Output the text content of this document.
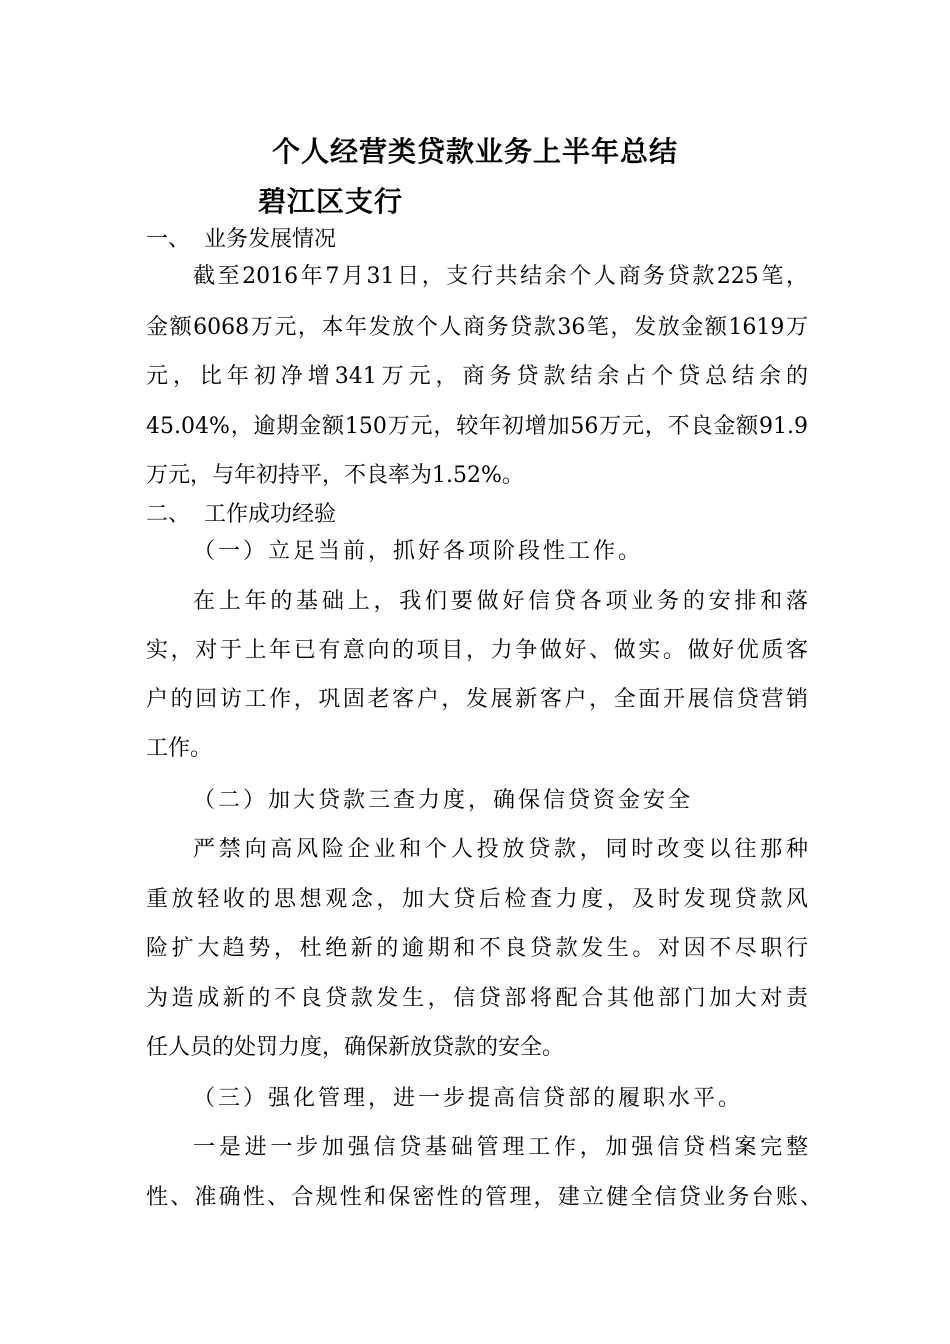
个人经营类贷款业务上半年总结
碧江区支行
一、 业务发展情况
截至2016年7月31日，支行共结余个人商务贷款225笔，
金额6068万元，本年发放个人商务贷款36笔，发放金额1619万
元，比年初净增341万元，商务贷款结余占个贷总结余的
45.04%，逾期金额150万元，较年初增加56万元，不良金额91.9
万元，与年初持平，不良率为1.52%。
二、 工作成功经验
（一）立足当前，抓好各项阶段性工作。
在上年的基础上，我们要做好信贷各项业务的安排和落
实，对于上年已有意向的项目，力争做好、做实。做好优质客
户的回访工作，巩固老客户，发展新客户，全面开展信贷营销
工作。
（二）加大贷款三查力度，确保信贷资金安全
严禁向高风险企业和个人投放贷款，同时改变以往那种
重放轻收的思想观念，加大贷后检查力度，及时发现贷款风
险扩大趋势，杜绝新的逾期和不良贷款发生。对因不尽职行
为造成新的不良贷款发生，信贷部将配合其他部门加大对责
任人员的处罚力度，确保新放贷款的安全。
（三）强化管理，进一步提高信贷部的履职水平。
一是进一步加强信贷基础管理工作，加强信贷档案完整
性、准确性、合规性和保密性的管理，建立健全信贷业务台账、
